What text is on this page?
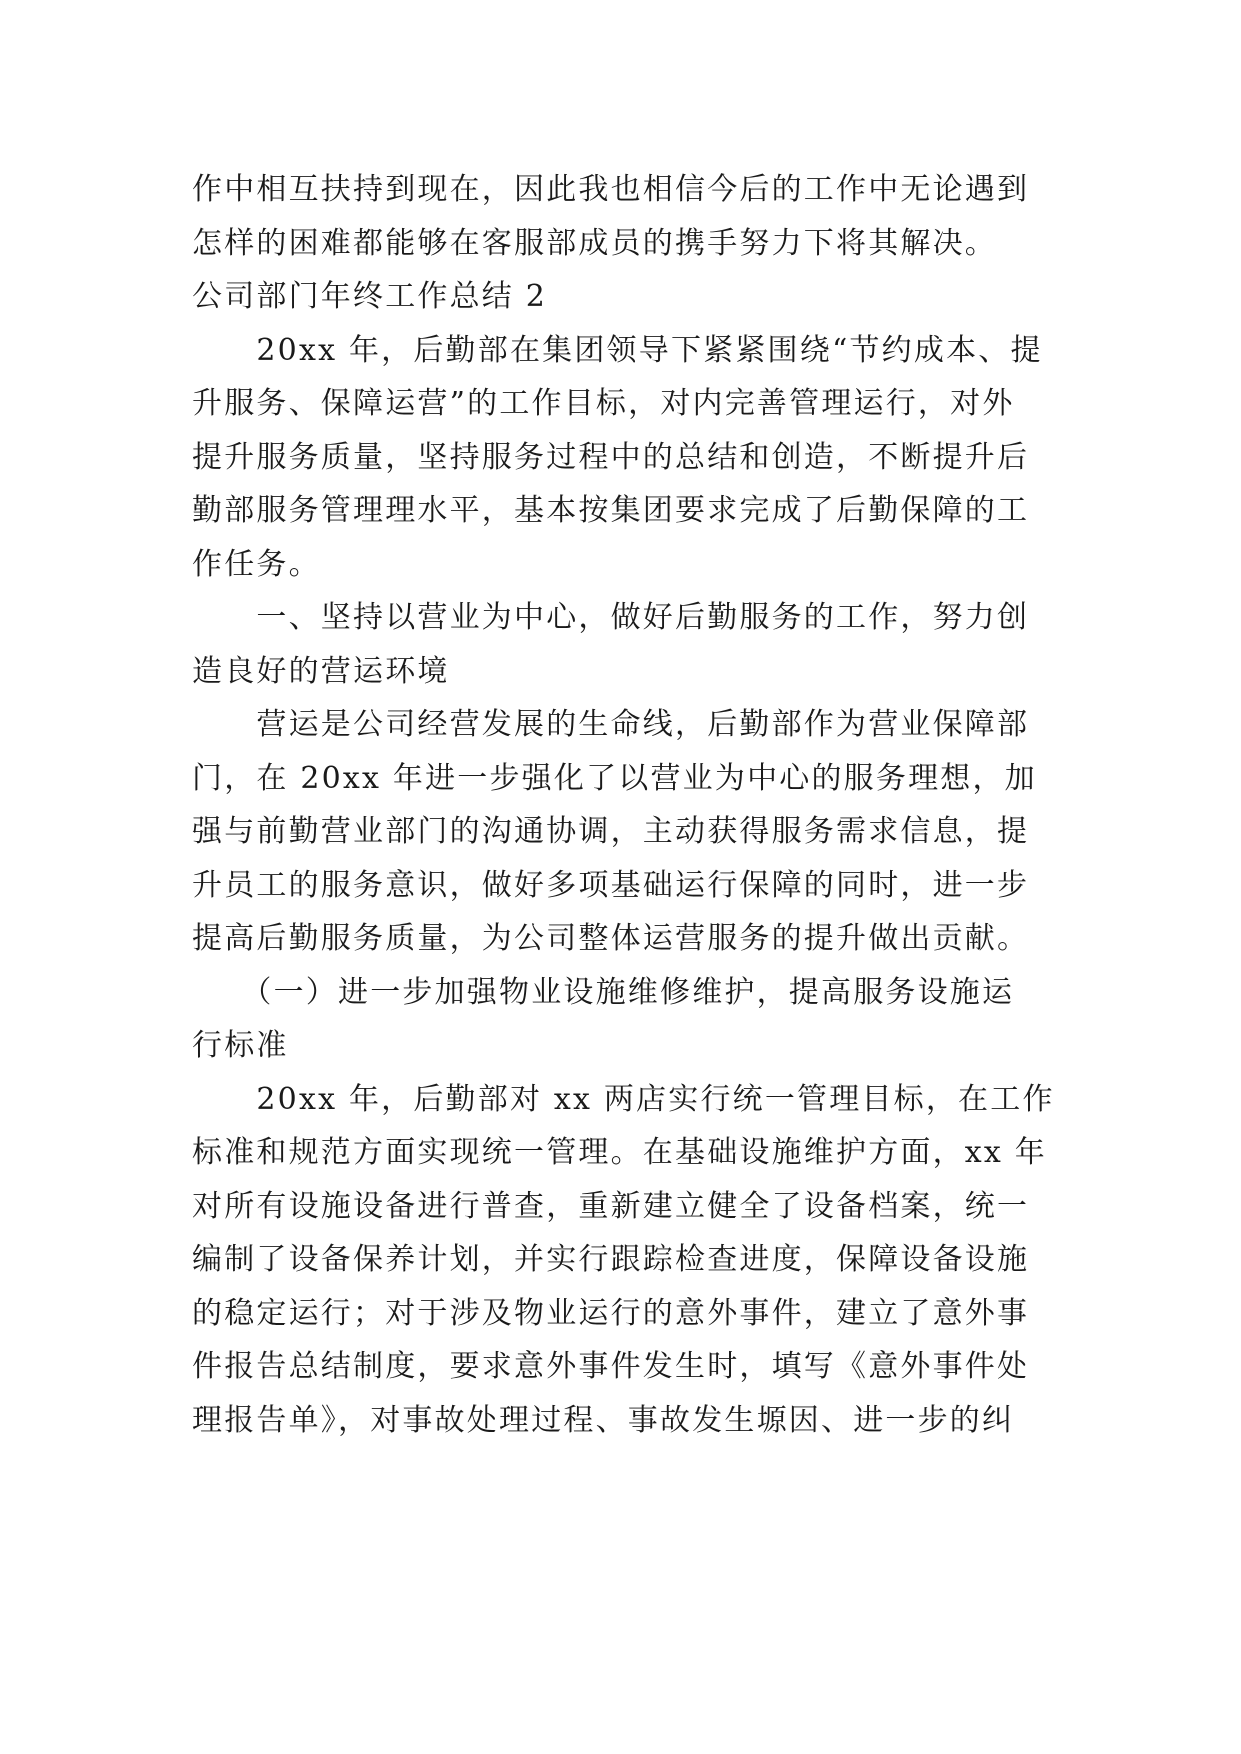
作中相互扶持到现在，因此我也相信今后的工作中无论遇到
怎样的困难都能够在客服部成员的携手努力下将其解决。
公司部门年终工作总结 2
　　20xx 年，后勤部在集团领导下紧紧围绕“节约成本、提
升服务、保障运营”的工作目标，对内完善管理运行，对外
提升服务质量，坚持服务过程中的总结和创造，不断提升后
勤部服务管理理水平，基本按集团要求完成了后勤保障的工
作任务。
　　一、坚持以营业为中心，做好后勤服务的工作，努力创
造良好的营运环境
　　营运是公司经营发展的生命线，后勤部作为营业保障部
门，在 20xx 年进一步强化了以营业为中心的服务理想，加
强与前勤营业部门的沟通协调，主动获得服务需求信息，提
升员工的服务意识，做好多项基础运行保障的同时，进一步
提高后勤服务质量，为公司整体运营服务的提升做出贡献。
　　（一）进一步加强物业设施维修维护，提高服务设施运
行标准
　　20xx 年，后勤部对 xx 两店实行统一管理目标，在工作
标准和规范方面实现统一管理。在基础设施维护方面，xx 年
对所有设施设备进行普查，重新建立健全了设备档案，统一
编制了设备保养计划，并实行跟踪检查进度，保障设备设施
的稳定运行；对于涉及物业运行的意外事件，建立了意外事
件报告总结制度，要求意外事件发生时，填写《意外事件处
理报告单》，对事故处理过程、事故发生塬因、进一步的纠
